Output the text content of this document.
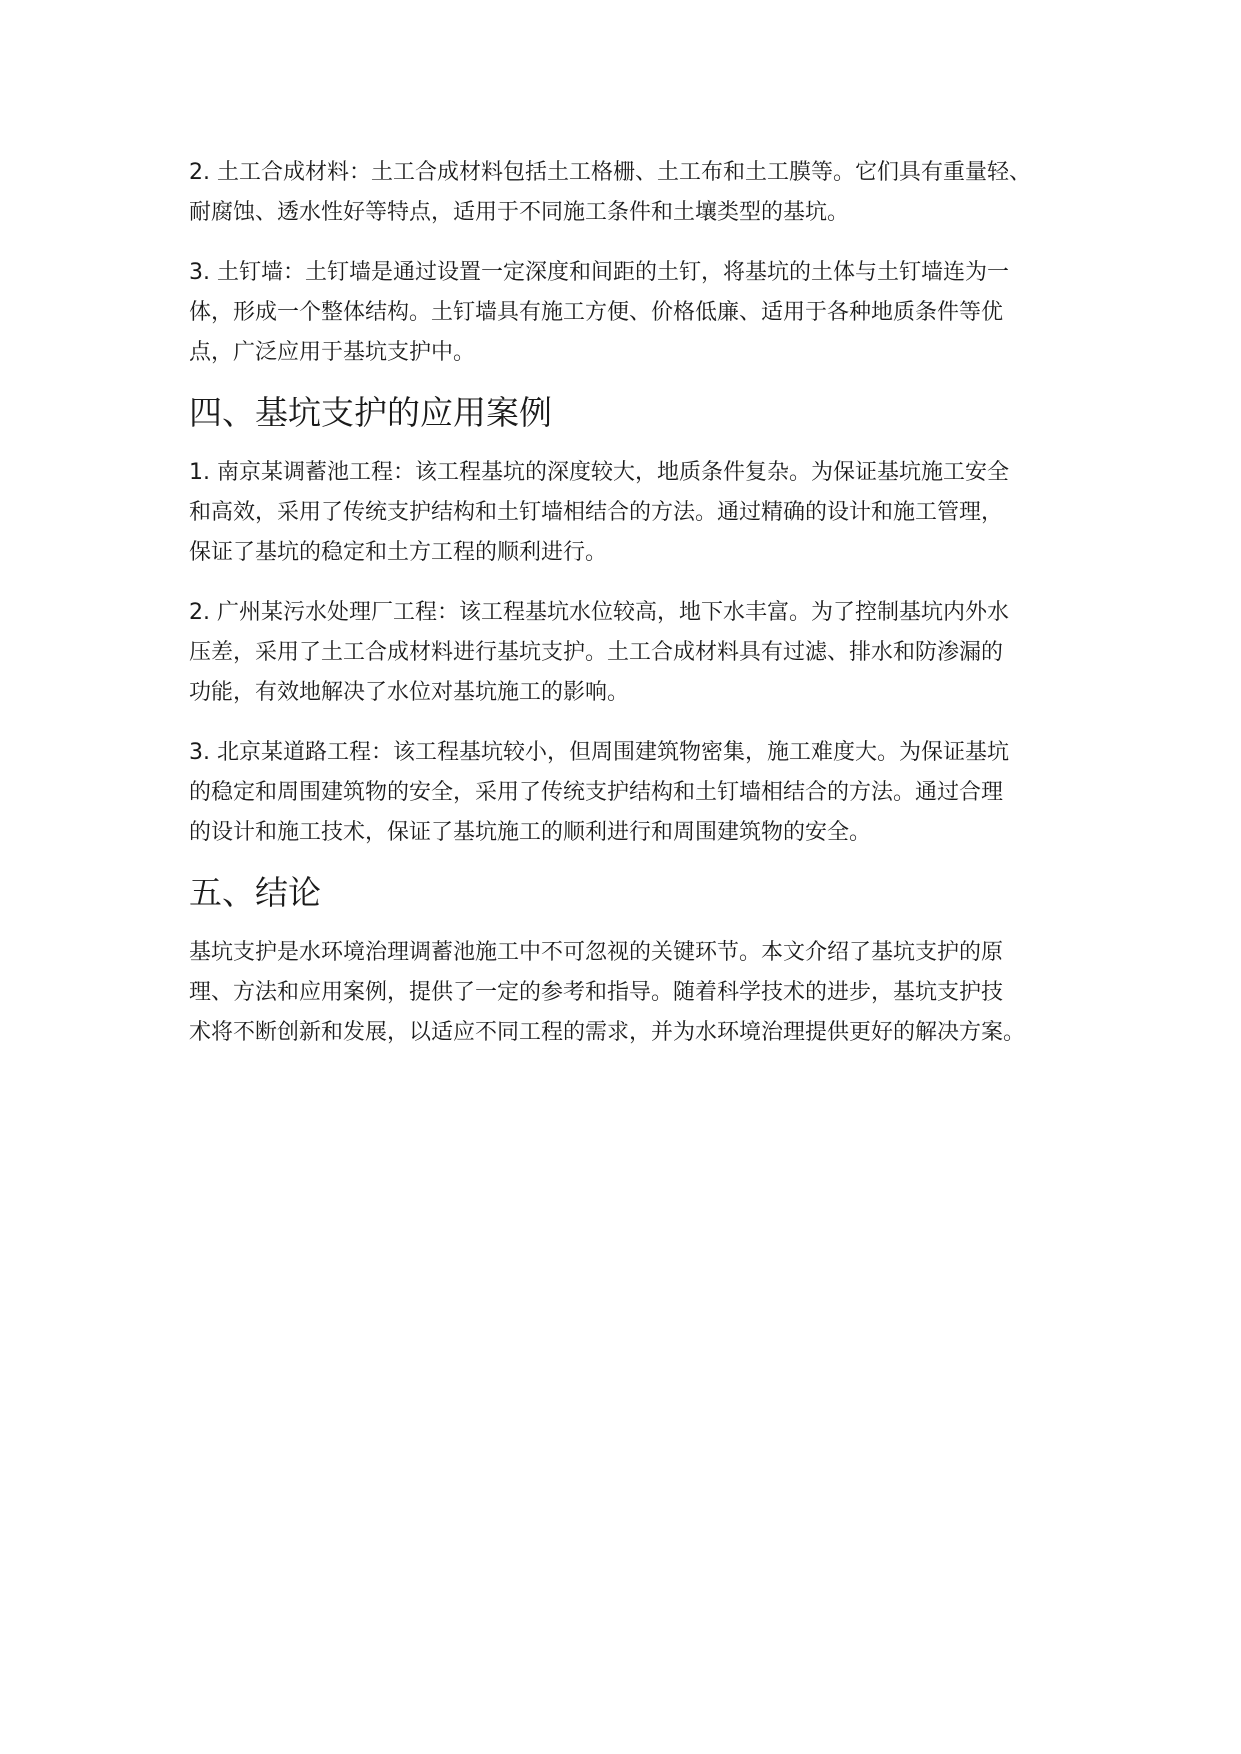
2. 土工合成材料：土工合成材料包括土工格栅、土工布和土工膜等。它们具有重量轻、
耐腐蚀、透水性好等特点，适用于不同施工条件和土壤类型的基坑。

3. 土钉墙：土钉墙是通过设置一定深度和间距的土钉，将基坑的土体与土钉墙连为一
体，形成一个整体结构。土钉墙具有施工方便、价格低廉、适用于各种地质条件等优
点，广泛应用于基坑支护中。

四、基坑支护的应用案例

1. 南京某调蓄池工程：该工程基坑的深度较大，地质条件复杂。为保证基坑施工安全
和高效，采用了传统支护结构和土钉墙相结合的方法。通过精确的设计和施工管理，
保证了基坑的稳定和土方工程的顺利进行。

2. 广州某污水处理厂工程：该工程基坑水位较高，地下水丰富。为了控制基坑内外水
压差，采用了土工合成材料进行基坑支护。土工合成材料具有过滤、排水和防渗漏的
功能，有效地解决了水位对基坑施工的影响。

3. 北京某道路工程：该工程基坑较小，但周围建筑物密集，施工难度大。为保证基坑
的稳定和周围建筑物的安全，采用了传统支护结构和土钉墙相结合的方法。通过合理
的设计和施工技术，保证了基坑施工的顺利进行和周围建筑物的安全。

五、结论

基坑支护是水环境治理调蓄池施工中不可忽视的关键环节。本文介绍了基坑支护的原
理、方法和应用案例，提供了一定的参考和指导。随着科学技术的进步，基坑支护技
术将不断创新和发展，以适应不同工程的需求，并为水环境治理提供更好的解决方案。
